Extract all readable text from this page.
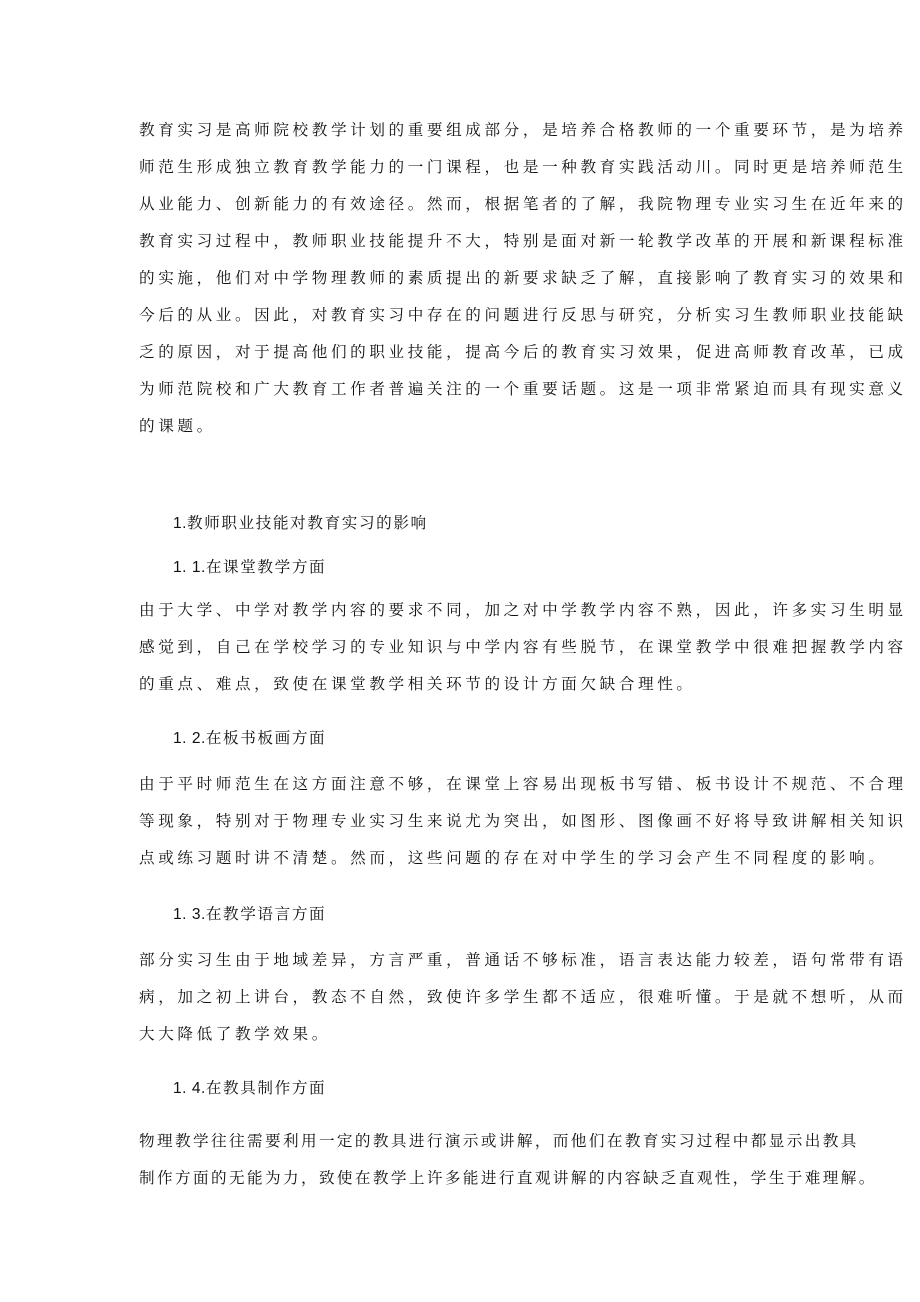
教育实习是高师院校教学计划的重要组成部分，是培养合格教师的一个重要环节，是为培养
师范生形成独立教育教学能力的一门课程，也是一种教育实践活动川。同时更是培养师范生
从业能力、创新能力的有效途径。然而，根据笔者的了解，我院物理专业实习生在近年来的
教育实习过程中，教师职业技能提升不大，特别是面对新一轮教学改革的开展和新课程标准
的实施，他们对中学物理教师的素质提出的新要求缺乏了解，直接影响了教育实习的效果和
今后的从业。因此，对教育实习中存在的问题进行反思与研究，分析实习生教师职业技能缺
乏的原因，对于提高他们的职业技能，提高今后的教育实习效果，促进高师教育改革，已成
为师范院校和广大教育工作者普遍关注的一个重要话题。这是一项非常紧迫而具有现实意义
的课题。
1.教师职业技能对教育实习的影响
1. 1.在课堂教学方面
由于大学、中学对教学内容的要求不同，加之对中学教学内容不熟，因此，许多实习生明显
感觉到，自己在学校学习的专业知识与中学内容有些脱节，在课堂教学中很难把握教学内容
的重点、难点，致使在课堂教学相关环节的设计方面欠缺合理性。
1. 2.在板书板画方面
由于平时师范生在这方面注意不够，在课堂上容易出现板书写错、板书设计不规范、不合理
等现象，特别对于物理专业实习生来说尤为突出，如图形、图像画不好将导致讲解相关知识
点或练习题时讲不清楚。然而，这些问题的存在对中学生的学习会产生不同程度的影响。
1. 3.在教学语言方面
部分实习生由于地域差异，方言严重，普通话不够标准，语言表达能力较差，语句常带有语
病，加之初上讲台，教态不自然，致使许多学生都不适应，很难听懂。于是就不想听，从而
大大降低了教学效果。
1. 4.在教具制作方面
物理教学往往需要利用一定的教具进行演示或讲解，而他们在教育实习过程中都显示出教具
制作方面的无能为力，致使在教学上许多能进行直观讲解的内容缺乏直观性，学生于难理解。
